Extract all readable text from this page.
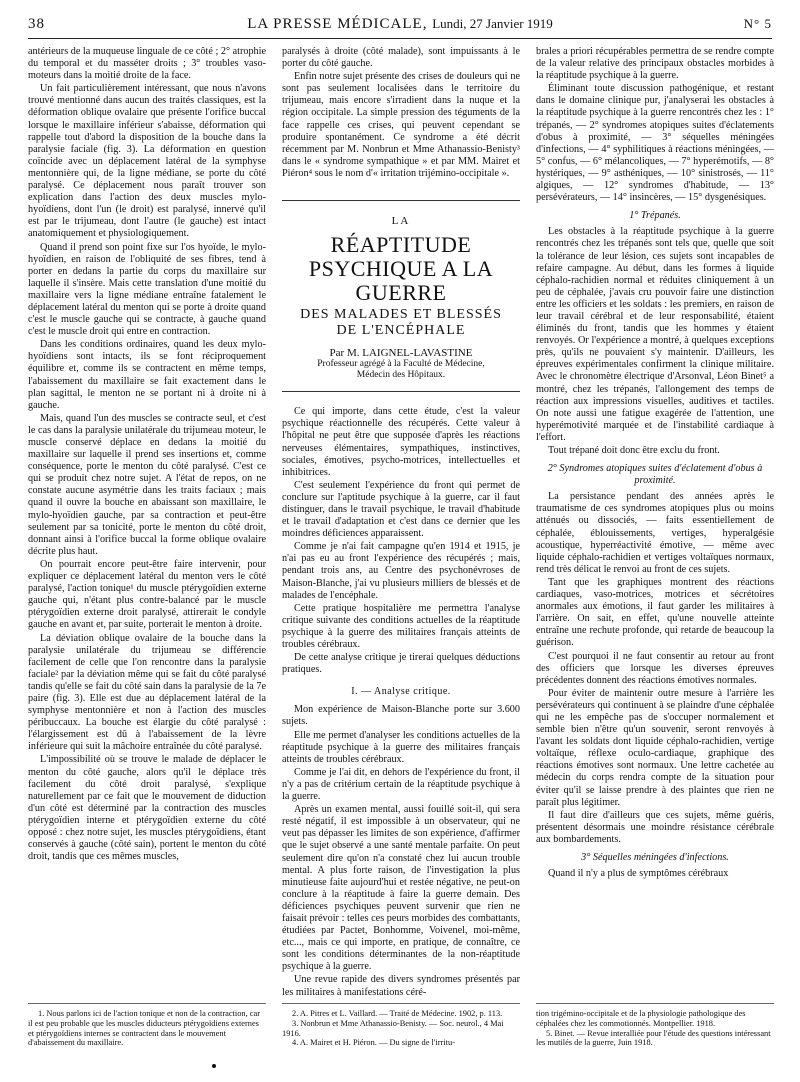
38	LA PRESSE MÉDICALE, Lundi, 27 Janvier 1919	N° 5

antérieurs de la muqueuse linguale de ce côté ; 2° atrophie du temporal et du masséter droits ; 3° troubles vaso-moteurs dans la moitié droite de la face.

Un fait particulièrement intéressant, que nous n'avons trouvé mentionné dans aucun des traités classiques, est la déformation oblique ovalaire que présente l'orifice buccal lorsque le maxillaire inférieur s'abaisse, déformation qui rappelle tout d'abord la disposition de la bouche dans la paralysie faciale (fig. 3). La déformation en question coïncide avec un déplacement latéral de la symphyse mentonnière qui, de la ligne médiane, se porte du côté paralysé. Ce déplacement nous paraît trouver son explication dans l'action des deux muscles mylo-hyoïdiens, dont l'un (le droit) est paralysé, innervé qu'il est par le trijumeau, dont l'autre (le gauche) est intact anatomiquement et physiologiquement.

Quand il prend son point fixe sur l'os hyoïde, le mylo-hyoïdien, en raison de l'obliquité de ses fibres, tend à porter en dedans la partie du corps du maxillaire sur laquelle il s'insère. Mais cette translation d'une moitié du maxillaire vers la ligne médiane entraîne fatalement le déplacement latéral du menton qui se porte à droite quand c'est le muscle gauche qui se contracte, à gauche quand c'est le muscle droit qui entre en contraction.

Dans les conditions ordinaires, quand les deux mylo-hyoïdiens sont intacts, ils se font réciproquement équilibre et, comme ils se contractent en même temps, l'abaissement du maxillaire se fait exactement dans le plan sagittal, le menton ne se portant ni à droite ni à gauche.

Mais, quand l'un des muscles se contracte seul, et c'est le cas dans la paralysie unilatérale du trijumeau moteur, le muscle conservé déplace en dedans la moitié du maxillaire sur laquelle il prend ses insertions et, comme conséquence, porte le menton du côté paralysé. C'est ce qui se produit chez notre sujet. A l'état de repos, on ne constate aucune asymétrie dans les traits faciaux ; mais quand il ouvre la bouche en abaissant son maxillaire, le mylo-hyoïdien gauche, par sa contraction et peut-être seulement par sa tonicité, porte le menton du côté droit, donnant ainsi à l'orifice buccal la forme oblique ovalaire décrite plus haut.

On pourrait encore peut-être faire intervenir, pour expliquer ce déplacement latéral du menton vers le côté paralysé, l'action tonique¹ du muscle ptérygoïdien externe gauche qui, n'étant plus contre-balancé par le muscle ptérygoïdien externe droit paralysé, attirerait le condyle gauche en avant et, par suite, porterait le menton à droite.

La déviation oblique ovalaire de la bouche dans la paralysie unilatérale du trijumeau se différencie facilement de celle que l'on rencontre dans la paralysie faciale² par la déviation même qui se fait du côté paralysé tandis qu'elle se fait du côté sain dans la paralysie de la 7e paire (fig. 3). Elle est due au déplacement latéral de la symphyse mentonnière et non à l'action des muscles péribuccaux. La bouche est élargie du côté paralysé : l'élargissement est dû à l'abaissement de la lèvre inférieure qui suit la mâchoire entraînée du côté paralysé.

L'impossibilité où se trouve le malade de déplacer le menton du côté gauche, alors qu'il le déplace très facilement du côté droit paralysé, s'explique naturellement par ce fait que le mouvement de diduction d'un côté est déterminé par la contraction des muscles ptérygoïdien interne et ptérygoïdien externe du côté opposé : chez notre sujet, les muscles ptérygoïdiens, étant conservés à gauche (côté sain), portent le menton du côté droit, tandis que ces mêmes muscles,

paralysés à droite (côté malade), sont impuissants à le porter du côté gauche.

Enfin notre sujet présente des crises de douleurs qui ne sont pas seulement localisées dans le territoire du trijumeau, mais encore s'irradient dans la nuque et la région occipitale. La simple pression des téguments de la face rappelle ces crises, qui peuvent cependant se produire spontanément. Ce syndrome a été décrit récemment par M. Nonbrun et Mme Athanassio-Benisty³ dans le « syndrome sympathique » et par MM. Mairet et Piéron⁴ sous le nom d'« irritation trijémino-occipitale ».

LA
RÉAPTITUDE PSYCHIQUE A LA GUERRE
DES MALADES ET BLESSÉS
DE L'ENCÉPHALE
Par M. LAIGNEL-LAVASTINE
Professeur agrégé à la Faculté de Médecine,
Médecin des Hôpitaux.

Ce qui importe, dans cette étude, c'est la valeur psychique réactionnelle des récupérés. Cette valeur à l'hôpital ne peut être que supposée d'après les réactions nerveuses élémentaires, sympathiques, instinctives, sociales, émotives, psycho-motrices, intellectuelles et inhibitrices.

C'est seulement l'expérience du front qui permet de conclure sur l'aptitude psychique à la guerre, car il faut distinguer, dans le travail psychique, le travail d'habitude et le travail d'adaptation et c'est dans ce dernier que les moindres déficiences apparaissent.

Comme je n'ai fait campagne qu'en 1914 et 1915, je n'ai pas eu au front l'expérience des récupérés ; mais, pendant trois ans, au Centre des psychonévroses de Maison-Blanche, j'ai vu plusieurs milliers de blessés et de malades de l'encéphale.

Cette pratique hospitalière me permettra l'analyse critique suivante des conditions actuelles de la réaptitude psychique à la guerre des militaires français atteints de troubles cérébraux.

De cette analyse critique je tirerai quelques déductions pratiques.

I. — Analyse critique.

Mon expérience de Maison-Blanche porte sur 3.600 sujets.

Elle me permet d'analyser les conditions actuelles de la réaptitude psychique à la guerre des militaires français atteints de troubles cérébraux.

Comme je l'ai dit, en dehors de l'expérience du front, il n'y a pas de critérium certain de la réaptitude psychique à la guerre.

Après un examen mental, aussi fouillé soit-il, qui sera resté négatif, il est impossible à un observateur, qui ne veut pas dépasser les limites de son expérience, d'affirmer que le sujet observé a une santé mentale parfaite. On peut seulement dire qu'on n'a constaté chez lui aucun trouble mental. A plus forte raison, de l'investigation la plus minutieuse faite aujourd'hui et restée négative, ne peut-on conclure à la réaptitude à faire la guerre demain. Des déficiences psychiques peuvent survenir que rien ne faisait prévoir : telles ces peurs morbides des combattants, étudiées par Pactet, Bonhomme, Voivenel, moi-même, etc..., mais ce qui importe, en pratique, de connaître, ce sont les conditions déterminantes de la non-réaptitude psychique à la guerre.

Une revue rapide des divers syndromes présentés par les militaires à manifestations céré-

brales a priori récupérables permettra de se rendre compte de la valeur relative des principaux obstacles morbides à la réaptitude psychique à la guerre.

Éliminant toute discussion pathogénique, et restant dans le domaine clinique pur, j'analyserai les obstacles à la réaptitude psychique à la guerre rencontrés chez les : 1° trépanés, — 2° syndromes atopiques suites d'éclatements d'obus à proximité, — 3° séquelles méningées d'infections, — 4° syphilitiques à réactions méningées, — 5° confus, — 6° mélancoliques, — 7° hyperémotifs, — 8° hystériques, — 9° asthéniques, — 10° sinistrosés, — 11° algiques, — 12° syndromes d'habitude, — 13° persévérateurs, — 14° insincères, — 15° dysgenésiques.

1° Trépanés.

Les obstacles à la réaptitude psychique à la guerre rencontrés chez les trépanés sont tels que, quelle que soit la tolérance de leur lésion, ces sujets sont incapables de refaire campagne. Au début, dans les formes à liquide céphalo-rachidien normal et réduites cliniquement à un peu de céphalée, j'avais cru pouvoir faire une distinction entre les officiers et les soldats : les premiers, en raison de leur travail cérébral et de leur responsabilité, étaient éliminés du front, tandis que les hommes y étaient renvoyés. Or l'expérience a montré, à quelques exceptions près, qu'ils ne pouvaient s'y maintenir. D'ailleurs, les épreuves expérimentales confirment la clinique militaire. Avec le chronomètre électrique d'Arsonval, Léon Binet⁵ a montré, chez les trépanés, l'allongement des temps de réaction aux impressions visuelles, auditives et tactiles. On note aussi une fatigue exagérée de l'attention, une hyperémotivité marquée et de l'instabilité cardiaque à l'effort.

Tout trépané doit donc être exclu du front.

2° Syndromes atopiques suites d'éclatement d'obus à proximité.

La persistance pendant des années après le traumatisme de ces syndromes atopiques plus ou moins atténués ou dissociés, — faits essentiellement de céphalée, éblouissements, vertiges, hyperalgésie acoustique, hyperréactivité émotive, — même avec liquide céphalo-rachidien et vertiges voltaïques normaux, rend très délicat le renvoi au front de ces sujets.

Tant que les graphiques montrent des réactions cardiaques, vaso-motrices, motrices et sécrétoires anormales aux émotions, il faut garder les militaires à l'arrière. On sait, en effet, qu'une nouvelle atteinte entraîne une rechute profonde, qui retarde de beaucoup la guérison.

C'est pourquoi il ne faut consentir au retour au front des officiers que lorsque les diverses épreuves précédentes donnent des réactions émotives normales.

Pour éviter de maintenir outre mesure à l'arrière les persévérateurs qui continuent à se plaindre d'une céphalée qui ne les empêche pas de s'occuper normalement et semble bien n'être qu'un souvenir, seront renvoyés à l'avant les soldats dont liquide céphalo-rachidien, vertige voltaïque, réflexe oculo-cardiaque, graphique des réactions émotives sont normaux. Une lettre cachetée au médecin du corps rendra compte de la situation pour éviter qu'il se laisse prendre à des plaintes que rien ne paraît plus légitimer.

Il faut dire d'ailleurs que ces sujets, même guéris, présentent désormais une moindre résistance cérébrale aux bombardements.

3° Séquelles méningées d'infections.

Quand il n'y a plus de symptômes cérébraux

1. Nous parlons ici de l'action tonique et non de la contraction, car il est peu probable que les muscles diducteurs ptérygoïdiens externes et ptérygoïdiens internes se contractent dans le mouvement d'abaissement du maxillaire.
2. A. Pitres et L. Vaillard. — Traité de Médecine. 1902, p. 113.
3. Nonbrun et Mme Athanassio-Benisty. — Soc. neurol., 4 Mai 1916.
4. A. Mairet et H. Piéron. — Du signe de l'irritu-
tion trigémino-occipitale et de la physiologie pathologique des céphalées chez les commotionnés. Montpellier. 1918.
5. Binet. — Revue interalliée pour l'étude des questions intéressant les mutilés de la guerre, Juin 1918.
